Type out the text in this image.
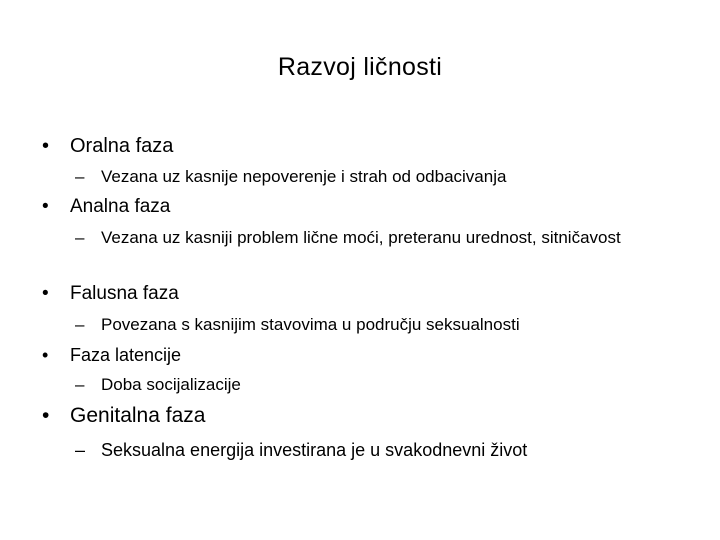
Razvoj ličnosti
• Oralna faza
– Vezana uz kasnije nepoverenje i strah od odbacivanja
• Analna faza
– Vezana uz kasniji problem lične moći, preteranu urednost, sitničavost
• Falusna faza
– Povezana s kasnijim stavovima u području seksualnosti
• Faza latencije
– Doba socijalizacije
• Genitalna faza
– Seksualna energija investirana je u svakodnevni život
